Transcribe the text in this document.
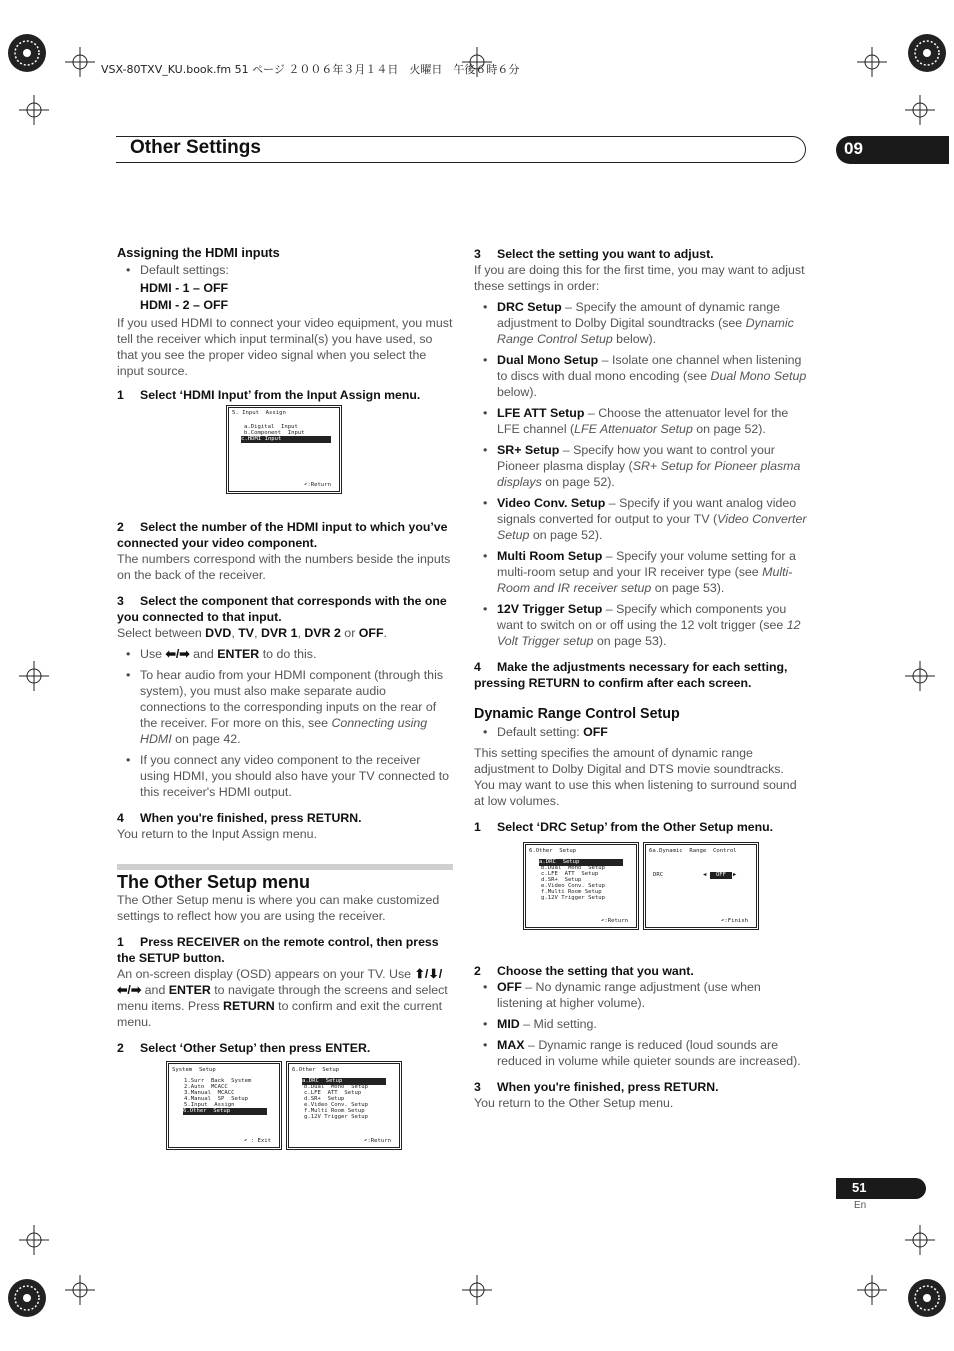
VSX-80TXV_KU.book.fm 51 ページ ２００６年３月１４日　火曜日　午後６時６分
Other Settings	09
Assigning the HDMI inputs
• Default settings:
HDMI - 1 – OFF
HDMI - 2 – OFF

If you used HDMI to connect your video equipment, you must tell the receiver which input terminal(s) you have used, so that you see the proper video signal when you select the input source.

1 Select ‘HDMI Input’ from the Input Assign menu.
2 Select the number of the HDMI input to which you’ve connected your video component.

The numbers correspond with the numbers beside the inputs on the back of the receiver.

3 Select the component that corresponds with the one you connected to that input.

Select between DVD, TV, DVR 1, DVR 2 or OFF.

• Use ⬅/➡ and ENTER to do this.
• To hear audio from your HDMI component (through this system), you must also make separate audio connections to the corresponding inputs on the rear of the receiver. For more on this, see Connecting using HDMI on page 42.
• If you connect any video component to the receiver using HDMI, you should also have your TV connected to this receiver's HDMI output.
4 When you're finished, press RETURN.

You return to the Input Assign menu.

The Other Setup menu

The Other Setup menu is where you can make customized settings to reflect how you are using the receiver.

1 Press RECEIVER on the remote control, then press the SETUP button.

An on-screen display (OSD) appears on your TV. Use ⬆/⬇/⬅/➡ and ENTER to navigate through the screens and select menu items. Press RETURN to confirm and exit the current menu.

2 Select ‘Other Setup’ then press ENTER.
5. Input  Assign
a.Digital  Input
b.Component  Input
c.HDMI Input
↶:Return
System  Setup
1.Surr  Back  System
2.Auto  MCACC
3.Manual  MCACC
4.Manual  SP  Setup
5.Input  Assign
6.Other  Setup
↶ : Exit
6.Other  Setup
a.DRC  Setup
b.Dual  Mono  Setup
c.LFE  ATT  Setup
d.SR+  Setup
e.Video Conv. Setup
f.Multi Room Setup
g.12V Trigger Setup
↶:Return
3 Select the setting you want to adjust.

If you are doing this for the first time, you may want to adjust these settings in order:

• DRC Setup – Specify the amount of dynamic range adjustment to Dolby Digital soundtracks (see Dynamic Range Control Setup below).
• Dual Mono Setup – Isolate one channel when listening to discs with dual mono encoding (see Dual Mono Setup below).
• LFE ATT Setup – Choose the attenuator level for the LFE channel (LFE Attenuator Setup on page 52).
• SR+ Setup – Specify how you want to control your Pioneer plasma display (SR+ Setup for Pioneer plasma displays on page 52).
• Video Conv. Setup – Specify if you want analog video signals converted for output to your TV (Video Converter Setup on page 52).
• Multi Room Setup – Specify your volume setting for a multi-room setup and your IR receiver type (see Multi-Room and IR receiver setup on page 53).
• 12V Trigger Setup – Specify which components you want to switch on or off using the 12 volt trigger (see 12 Volt Trigger setup on page 53).
4 Make the adjustments necessary for each setting, pressing RETURN to confirm after each screen.
Dynamic Range Control Setup
• Default setting: OFF

This setting specifies the amount of dynamic range adjustment to Dolby Digital and DTS movie soundtracks. You may want to use this when listening to surround sound at low volumes.

1 Select ‘DRC Setup’ from the Other Setup menu.
2 Choose the setting that you want.
• OFF – No dynamic range adjustment (use when listening at higher volume).
• MID – Mid setting.
• MAX – Dynamic range is reduced (loud sounds are reduced in volume while quieter sounds are increased).
3 When you're finished, press RETURN.

You return to the Other Setup menu.

6.Other  Setup
a.DRC  Setup
b.Dual  Mono  Setup
c.LFE  ATT  Setup
d.SR+  Setup
e.Video Conv. Setup
f.Multi Room Setup
g.12V Trigger Setup
↶:Return
6a.Dynamic  Range  Control
DRC	◀	OFF	▶
↶:Finish
51
En
